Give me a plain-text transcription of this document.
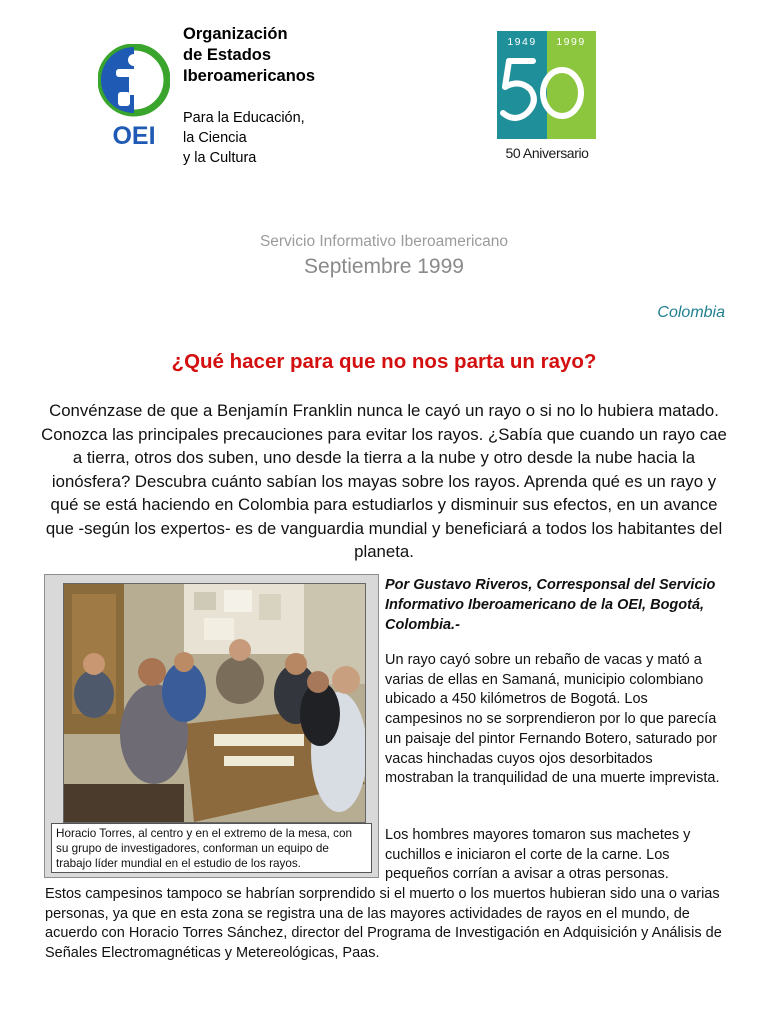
OEI
Organización
de Estados
Iberoamericanos
Para la Educación,
la Ciencia
y la Cultura
1949 1999
50 Aniversario
Servicio Informativo Iberoamericano
Septiembre 1999
Colombia
¿Qué hacer para que no nos parta un rayo?
Convénzase de que a Benjamín Franklin nunca le cayó un rayo o si no lo hubiera matado. Conozca las principales precauciones para evitar los rayos. ¿Sabía que cuando un rayo cae a tierra, otros dos suben, uno desde la tierra a la nube y otro desde la nube hacia la ionósfera? Descubra cuánto sabían los mayas sobre los rayos. Aprenda qué es un rayo y qué se está haciendo en Colombia para estudiarlos y disminuir sus efectos, en un avance que -según los expertos- es de vanguardia mundial y beneficiará a todos los habitantes del planeta.
Horacio Torres, al centro y en el extremo de la mesa, con su grupo de investigadores, conforman un equipo de trabajo líder mundial en el estudio de los rayos.
Por Gustavo Riveros, Corresponsal del Servicio Informativo Iberoamericano de la OEI, Bogotá, Colombia.-
Un rayo cayó sobre un rebaño de vacas y mató a varias de ellas en Samaná, municipio colombiano ubicado a 450 kilómetros de Bogotá. Los campesinos no se sorprendieron por lo que parecía un paisaje del pintor Fernando Botero, saturado por vacas hinchadas cuyos ojos desorbitados mostraban la tranquilidad de una muerte imprevista.
Los hombres mayores tomaron sus machetes y cuchillos e iniciaron el corte de la carne. Los pequeños corrían a avisar a otras personas.
Estos campesinos tampoco se habrían sorprendido si el muerto o los muertos hubieran sido una o varias personas, ya que en esta zona se registra una de las mayores actividades de rayos en el mundo, de acuerdo con Horacio Torres Sánchez, director del Programa de Investigación en Adquisición y Análisis de Señales Electromagnéticas y Metereológicas, Paas.
